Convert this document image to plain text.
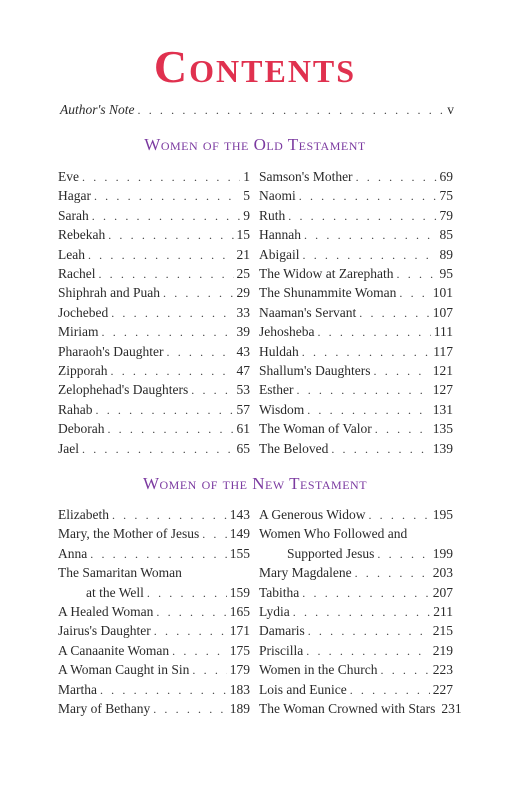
Contents
Author's Note . . .	v
Women of the Old Testament
Eve . . .	1
Hagar . . .	5
Sarah . . .	9
Rebekah . . .	15
Leah . . .	21
Rachel . . .	25
Shiphrah and Puah . . .	29
Jochebed . . .	33
Miriam . . .	39
Pharaoh's Daughter . . .	43
Zipporah . . .	47
Zelophehad's Daughters . . .	53
Rahab . . .	57
Deborah . . .	61
Jael . . .	65
Samson's Mother . . .	69
Naomi . . .	75
Ruth . . .	79
Hannah . . .	85
Abigail . . .	89
The Widow at Zarephath . . .	95
The Shunammite Woman . . .	101
Naaman's Servant . . .	107
Jehosheba . . .	111
Huldah . . .	117
Shallum's Daughters . . .	121
Esther . . .	127
Wisdom . . .	131
The Woman of Valor . . .	135
The Beloved . . .	139
Women of the New Testament
Elizabeth . . .	143
Mary, the Mother of Jesus . . . 149
Anna . . .	155
The Samaritan Woman
at the Well . . .	159
A Healed Woman . . .	165
Jairus's Daughter . . .	171
A Canaanite Woman . . .	175
A Woman Caught in Sin . . .	179
Martha . . .	183
Mary of Bethany . . .	189
A Generous Widow . . .	195
Women Who Followed and
Supported Jesus . . .	199
Mary Magdalene . . .	203
Tabitha . . .	207
Lydia . . .	211
Damaris . . .	215
Priscilla . . .	219
Women in the Church . . .	223
Lois and Eunice . . .	227
The Woman Crowned with Stars 231
